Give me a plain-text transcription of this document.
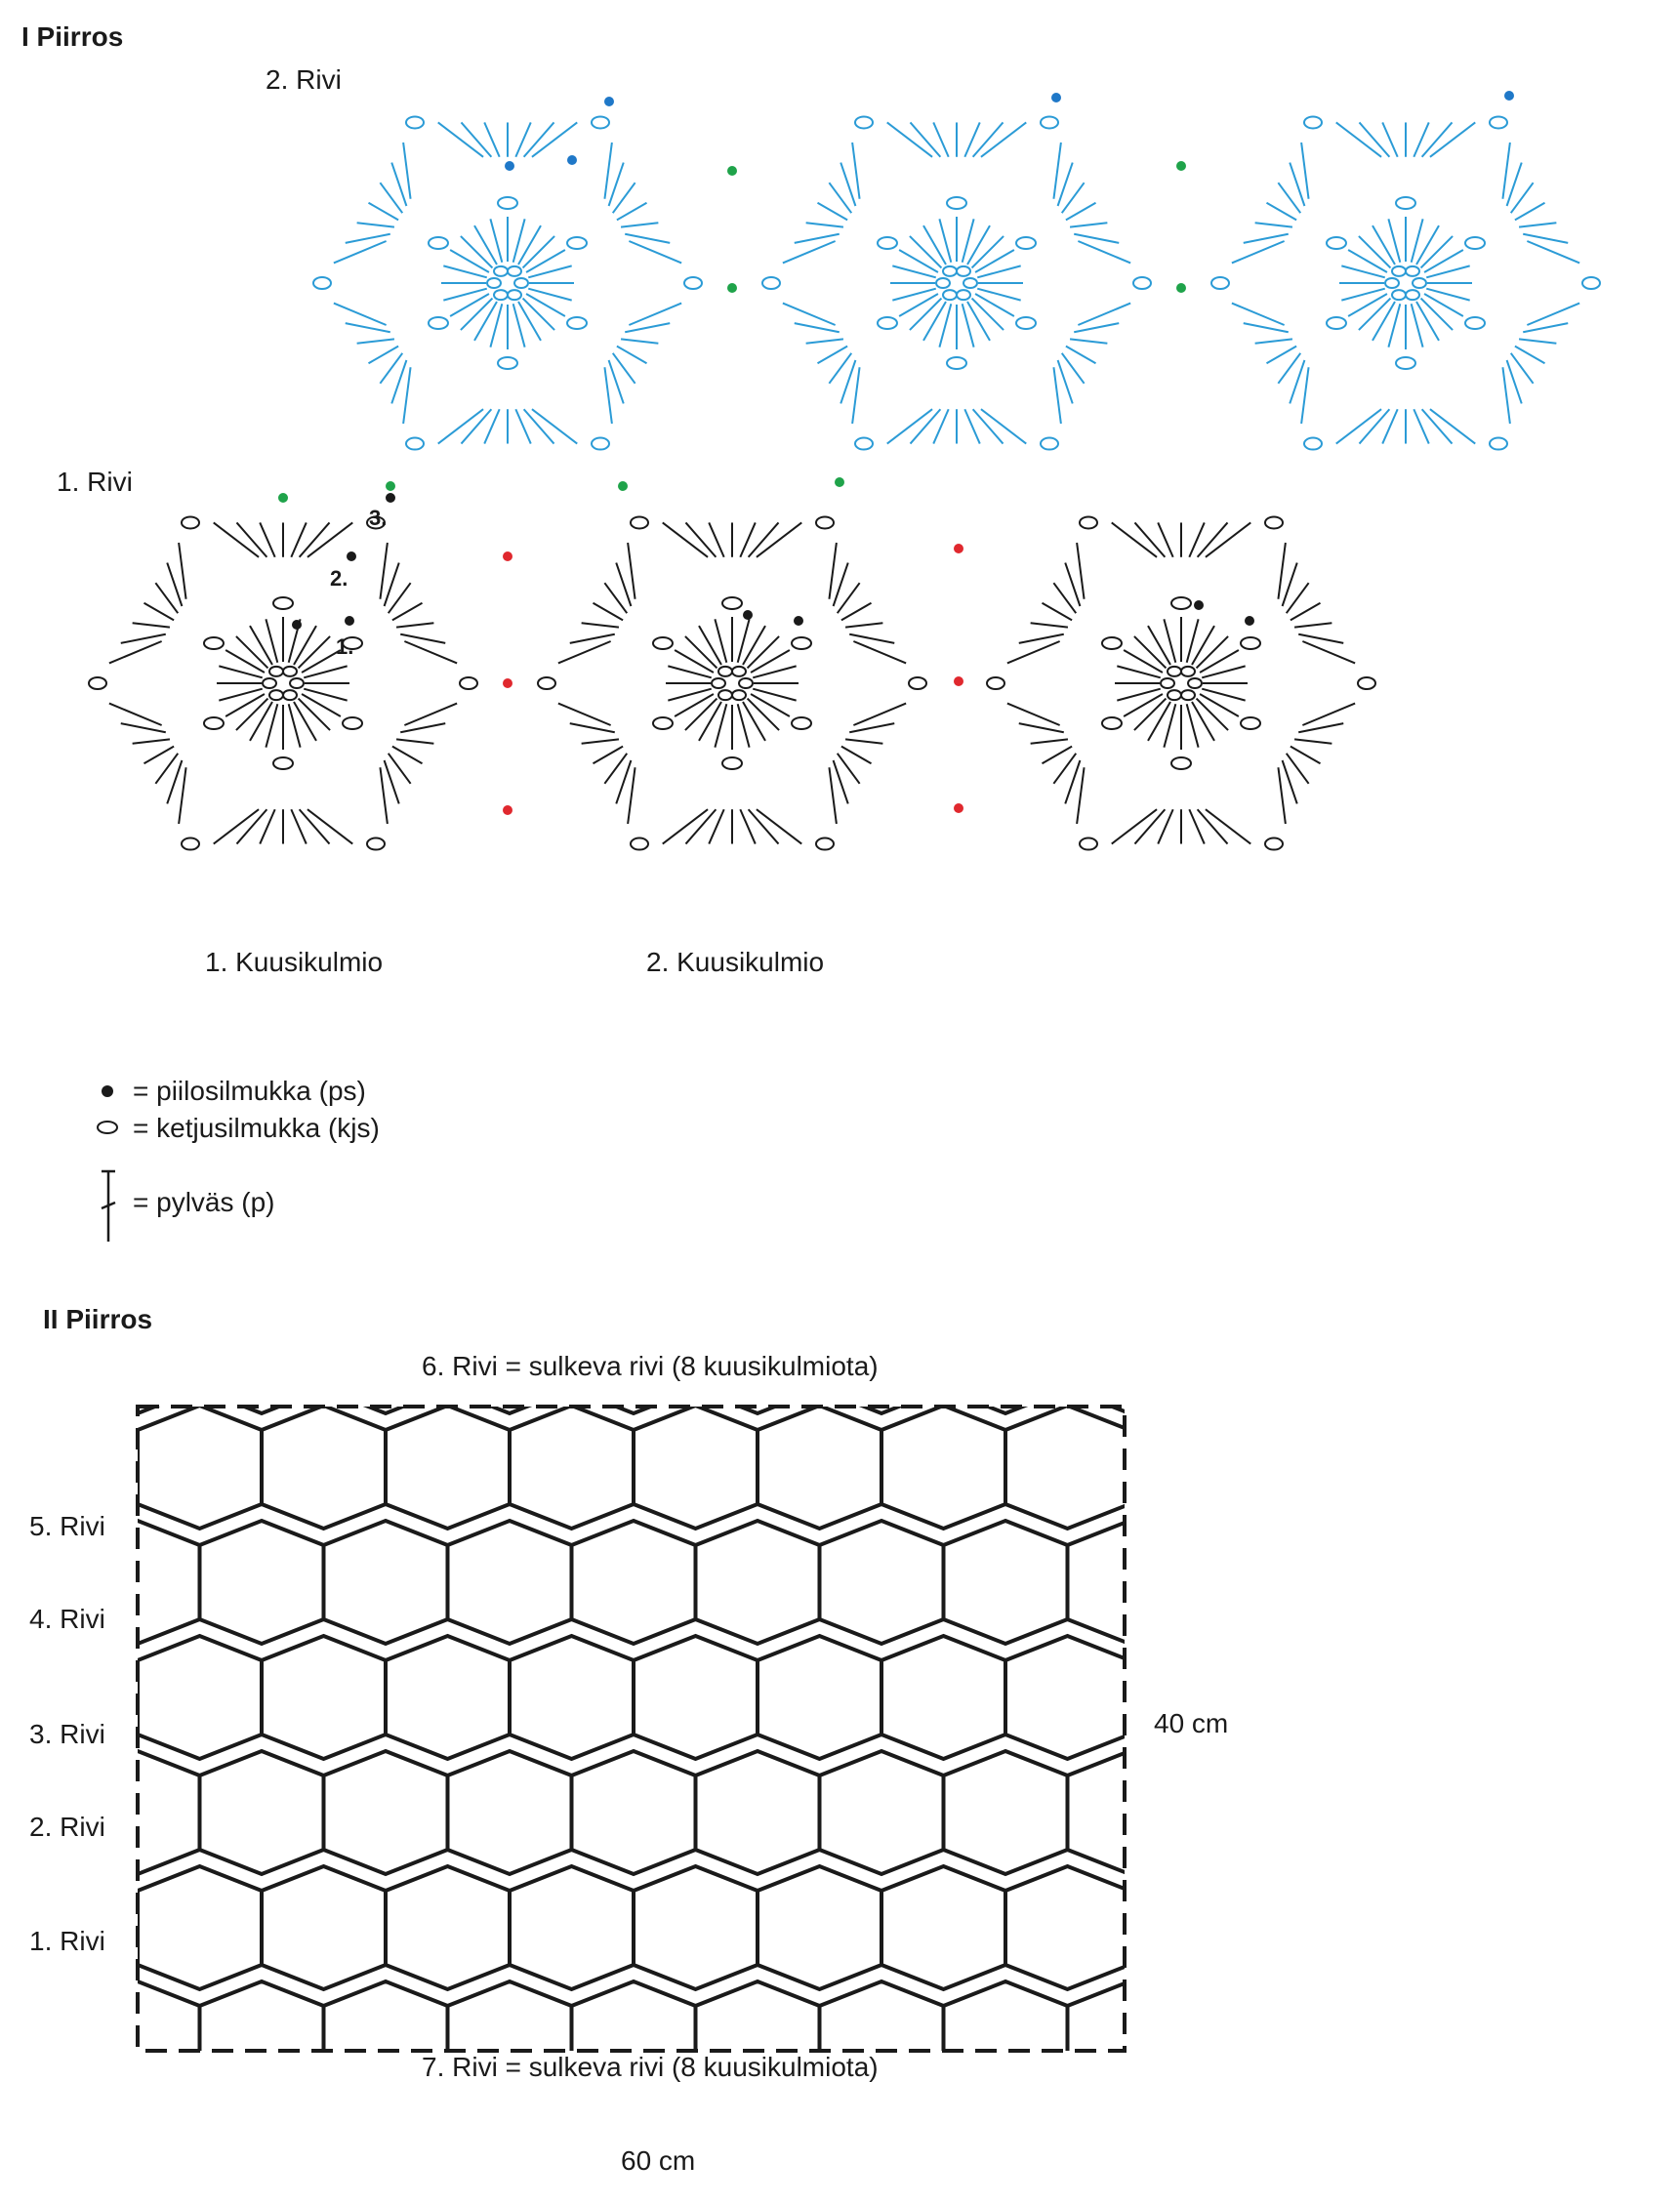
I Piirros
2. Rivi
1. Rivi
1. Kuusikulmio	2. Kuusikulmio
1.
2.
3.
= piilosilmukka (ps)
= ketjusilmukka (kjs)
= pylväs (p)
II Piirros
6. Rivi = sulkeva rivi (8 kuusikulmiota)
7. Rivi = sulkeva rivi (8 kuusikulmiota)
5. Rivi
4. Rivi
3. Rivi
2. Rivi
1. Rivi
40 cm
60 cm
